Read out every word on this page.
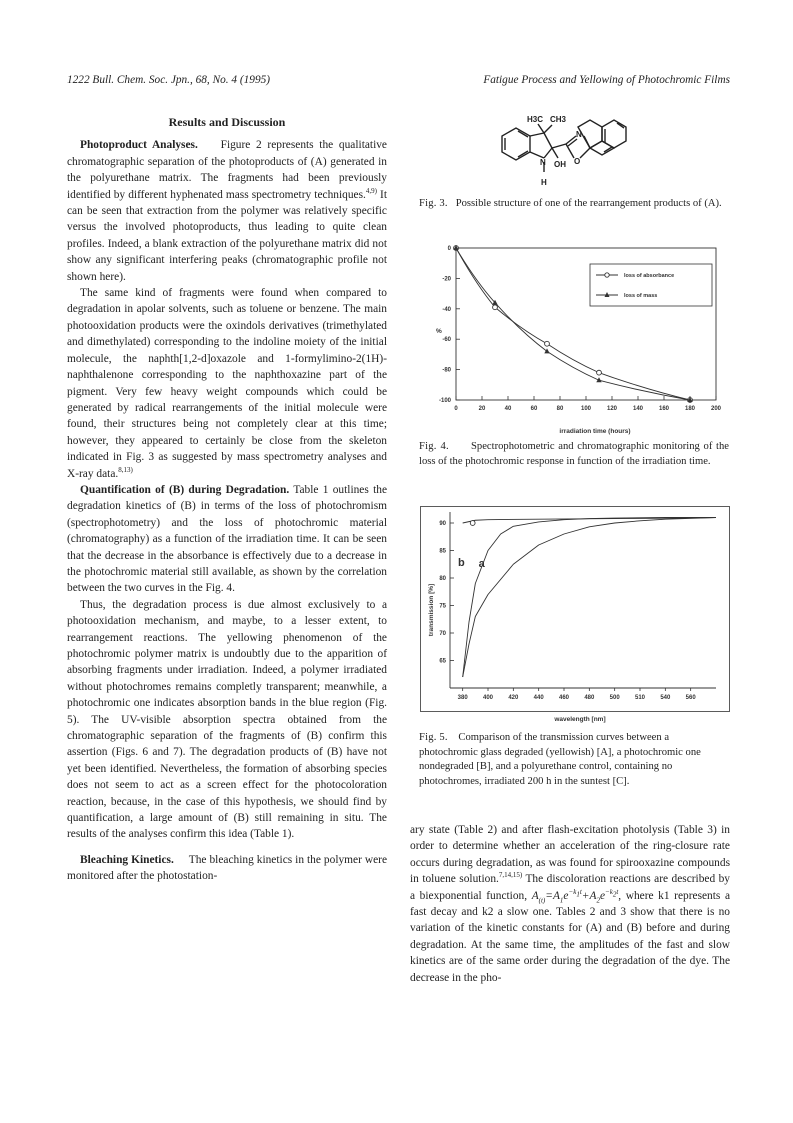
1222 Bull. Chem. Soc. Jpn., 68, No. 4 (1995)	Fatigue Process and Yellowing of Photochromic Films
Results and Discussion

Photoproduct Analyses. Figure 2 represents the qualitative chromatographic separation of the photoproducts of (A) generated in the polyurethane matrix. The fragments had been previously identified by different hyphenated mass spectrometry techniques.$^{4,9)}$ It can be seen that extraction from the polymer was relatively specific versus the involved photoproducts, thus leading to quite clean profiles. Indeed, a blank extraction of the polyurethane matrix did not show any significant interfering peaks (chromatographic profile not shown here).

The same kind of fragments were found when compared to degradation in apolar solvents, such as toluene or benzene. The main photooxidation products were the oxindols derivatives (trimethylated and dimethylated) corresponding to the indoline moiety of the initial molecule, the naphth[1,2-d]oxazole and 1-formylimino-2(1H)-naphthalenone corresponding to the naphthoxazine part of the pigment. Very few heavy weight compounds which could be generated by radical rearrangements of the initial molecule were found, their structures being not completely clear at this time; however, they appeared to certainly be close from the skeleton indicated in Fig. 3 as suggested by mass spectrometry analyses and X-ray data.$^{8,13)}$

Quantification of (B) during Degradation. Table 1 outlines the degradation kinetics of (B) in terms of the loss of photochromism (spectrophotometry) and the loss of photochromic material (chromatography) as a function of the irradiation time. It can be seen that the decrease in the absorbance is effectively due to a decrease in the photochromic material still available, as shown by the correlation between the two curves in the Fig. 4.

Thus, the degradation process is due almost exclusively to a photooxidation mechanism, and maybe, to a lesser extent, to rearrangement reactions. The yellowing phenomenon of the photochromic polymer matrix is undoubtly due to the apparition of absorbing fragments under irradiation. Indeed, a polymer irradiated without photochromes remains completly transparent; meanwhile, a photochromic one indicates absorption bands in the blue region (Fig. 5). The UV-visible absorption spectra obtained from the chromatographic separation of the fragments of (B) confirm this assertion (Figs. 6 and 7). The degradation products of (B) have not yet been identified. Nevertheless, the formation of absorbing species does not seem to act as a screen effect for the photocoloration reaction, because, in the case of this hypothesis, we should find by quantification, a large amount of (B) still remaining in situ. The results of the analyses confirm this idea (Table 1).

Bleaching Kinetics. The bleaching kinetics in the polymer were monitored after the photostation-

H3C CH3
N
N OH O
H
Fig. 3. Possible structure of one of the rearrangement products of (A).
0	20	40	60	80	100	120	140	160	180	200
0
-20
-40
-60
-80
-100
loss of absorbance
loss of mass
%
irradiation time (hours)
Fig. 4. Spectrophotometric and chromatographic monitoring of the loss of the photochromic response in function of the irradiation time.
380	400	420	440	460	480	500	510	540	560
65
70
75
80
85
90
a
b
transmission [%]
wavelength [nm]
Fig. 5. Comparison of the transmission curves between a photochromic glass degraded (yellowish) [A], a photochromic one nondegraded [B], and a polyurethane control, containing no photochromes, irradiated 200 h in the suntest [C].

ary state (Table 2) and after flash-excitation photolysis (Table 3) in order to determine whether an acceleration of the ring-closure rate occurs during degradation, as was found for spirooxazine compounds in toluene solution.$^{7,14,15)}$ The discoloration reactions are described by a biexponential function, $A_{(t)}=A_1e^{-k_1t}+A_2e^{-k_2t}$, where k1 represents a fast decay and k2 a slow one. Tables 2 and 3 show that there is no variation of the kinetic constants for (A) and (B) before and during degradation. At the same time, the amplitudes of the fast and slow kinetics are of the same order during the degradation of the dye. The decrease in the pho-
